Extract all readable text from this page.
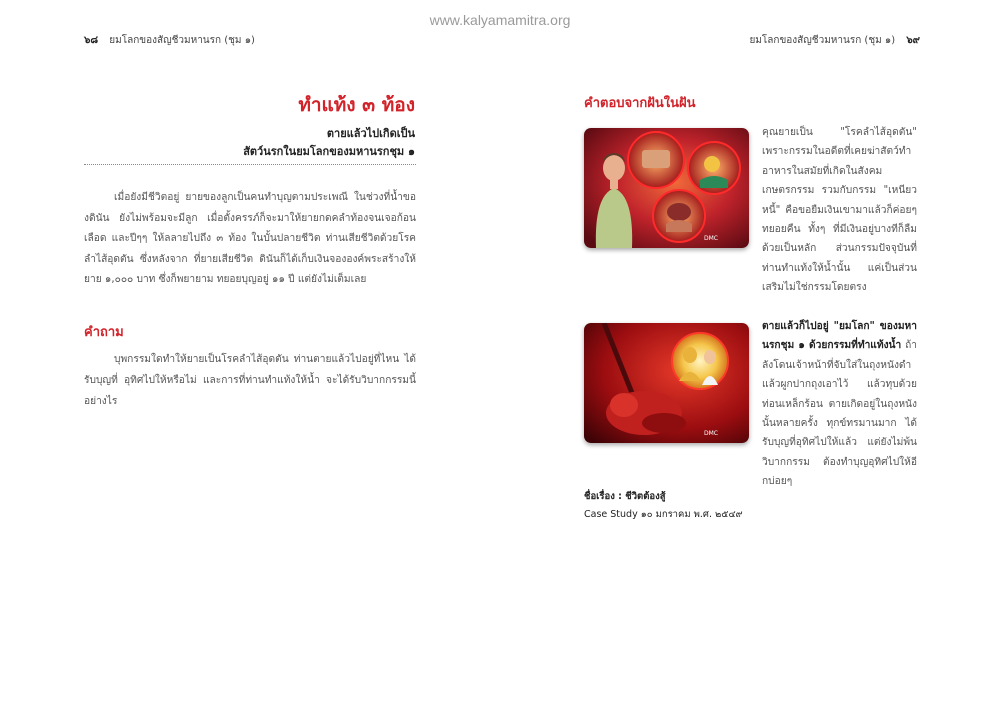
www.kalyamamitra.org
๖๘ ยมโลกของสัญชีวมหานรก (ชุม ๑)	ยมโลกของสัญชีวมหานรก (ชุม ๑) ๖๙
ทำแท้ง ๓ ท้อง
ตายแล้วไปเกิดเป็น
สัตว์นรกในยมโลกของมหานรกชุม ๑

เมื่อยังมีชีวิตอยู่ ยายของลูกเป็นคนทำบุญตามประเพณี ในช่วงที่น้ำของดินัน ยังไม่พร้อมจะมีลูก เมื่อตั้งครรภ์ก็จะมาให้ยายกดคลำท้องจนเจอก้อนเลือด และปีๆๆ ให้ลลายไปถึง ๓ ท้อง ในบั้นปลายชีวิต ท่านเสียชีวิตด้วยโรคลำไส้อุดตัน ซึ่งหลังจาก ที่ยายเสียชีวิต ดินันก็ได้เก็บเงินจององค์พระสร้างให้ยาย ๑,๐๐๐ บาท ซึ่งก็พยายาม ทยอยบุญอยู่ ๑๑ ปี แต่ยังไม่เต็มเลย

คำถาม

บุพกรรมใดทำให้ยายเป็นโรคลำไส้อุดตัน ท่านตายแล้วไปอยู่ที่ไหน ได้รับบุญที่ อุทิศไปให้หรือไม่ และการที่ท่านทำแท้งให้น้ำ จะได้รับวิบากกรรมนี้อย่างไร

คำตอบจากฝันในฝัน
DMC

คุณยายเป็น "โรคลำไส้อุดตัน" เพราะกรรมในอดีตที่เคยฆ่าสัตว์ทำอาหารในสมัยที่เกิดในสังคมเกษตรกรรม รวมกับกรรม "เหนียวหนี้" คือขอยืมเงินเขามาแล้วก็ค่อยๆ ทยอยคืน ทั้งๆ ที่มีเงินอยู่บางทีก็ลืมด้วยเป็นหลัก ส่วนกรรมปัจจุบันที่ท่านทำแท้งให้น้ำนั้น แค่เป็นส่วนเสริมไม่ใช่กรรมโดยตรง

DMC

ตายแล้วก็ไปอยู่ "ยมโลก" ของมหานรกชุม ๑ ด้วยกรรมที่ทำแท้งน้ำ ถ้าลังโดนเจ้าหน้าที่จับใส่ในถุงหนังดำ แล้วผูกปากถุงเอาไว้ แล้วทุบด้วยท่อนเหล็กร้อน ตายเกิดอยู่ในถุงหนังนั้นหลายครั้ง ทุกข์ทรมานมาก ได้รับบุญที่อุทิศไปให้แล้ว แต่ยังไม่พ้นวิบากกรรม ต้องทำบุญอุทิศไปให้อีกบ่อยๆ

ชื่อเรื่อง : ชีวิตต้องสู้
Case Study ๑๐ มกราคม พ.ศ. ๒๕๔๙
